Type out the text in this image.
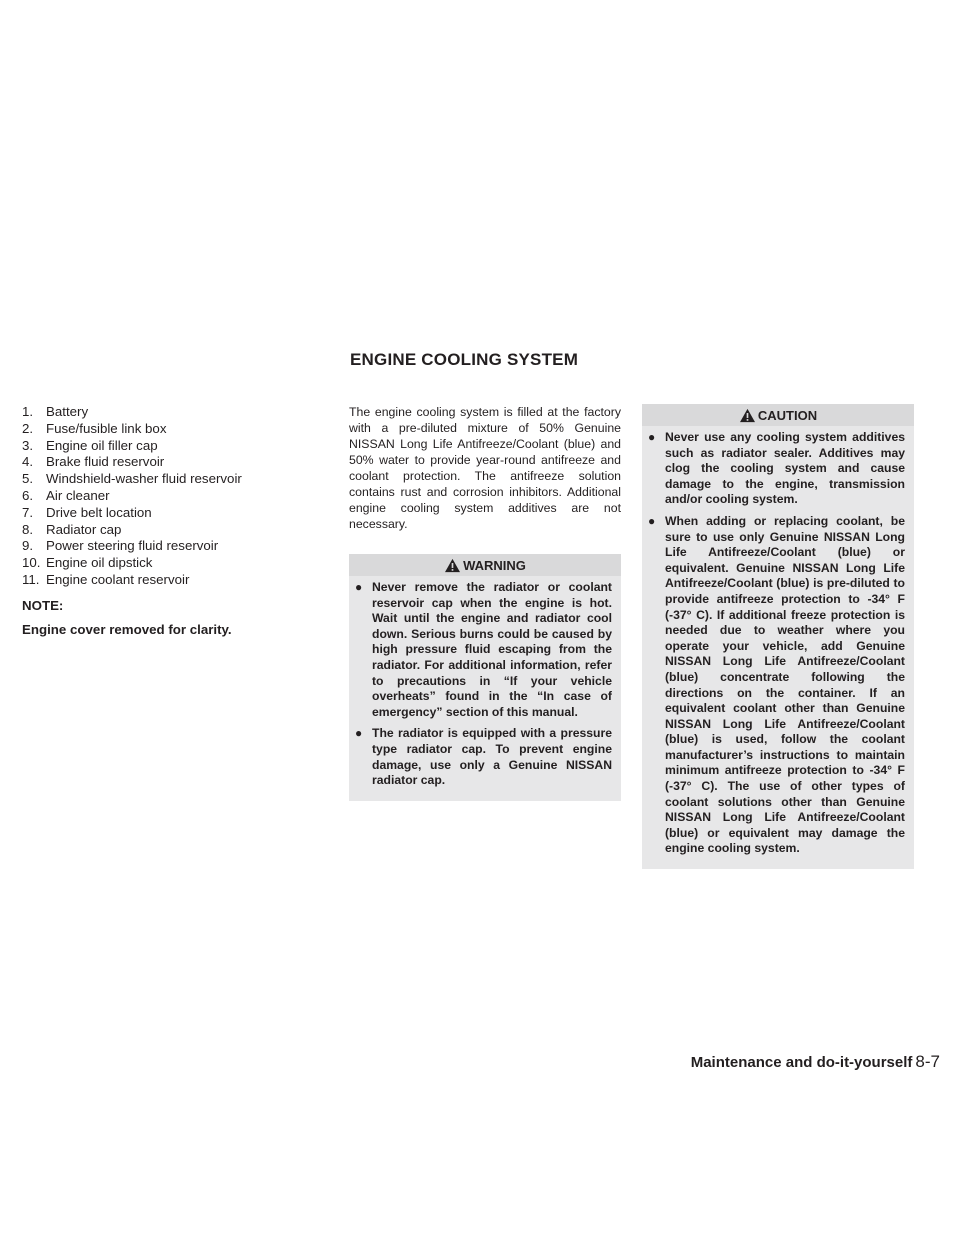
ENGINE COOLING SYSTEM
1. Battery
2. Fuse/fusible link box
3. Engine oil filler cap
4. Brake fluid reservoir
5. Windshield-washer fluid reservoir
6. Air cleaner
7. Drive belt location
8. Radiator cap
9. Power steering fluid reservoir
10. Engine oil dipstick
11. Engine coolant reservoir

NOTE:

Engine cover removed for clarity.

The engine cooling system is filled at the factory with a pre-diluted mixture of 50% Genuine NISSAN Long Life Antifreeze/Coolant (blue) and 50% water to provide year-round antifreeze and coolant protection. The antifreeze solution contains rust and corrosion inhibitors. Additional engine cooling system additives are not necessary.

WARNING
● Never remove the radiator or coolant reservoir cap when the engine is hot. Wait until the engine and radiator cool down. Serious burns could be caused by high pressure fluid escaping from the radiator. For additional information, refer to precautions in “If your vehicle overheats” found in the “In case of emergency” section of this manual.
● The radiator is equipped with a pressure type radiator cap. To prevent engine damage, use only a Genuine NISSAN radiator cap.
CAUTION
● Never use any cooling system additives such as radiator sealer. Additives may clog the cooling system and cause damage to the engine, transmission and/or cooling system.
● When adding or replacing coolant, be sure to use only Genuine NISSAN Long Life Antifreeze/Coolant (blue) or equivalent. Genuine NISSAN Long Life Antifreeze/Coolant (blue) is pre-diluted to provide antifreeze protection to -34° F (-37° C). If additional freeze protection is needed due to weather where you operate your vehicle, add Genuine NISSAN Long Life Antifreeze/Coolant (blue) concentrate following the directions on the container. If an equivalent coolant other than Genuine NISSAN Long Life Antifreeze/Coolant (blue) is used, follow the coolant manufacturer’s instructions to maintain minimum antifreeze protection to -34° F (-37° C). The use of other types of coolant solutions other than Genuine NISSAN Long Life Antifreeze/Coolant (blue) or equivalent may damage the engine cooling system.
Maintenance and do-it-yourself 8-7
